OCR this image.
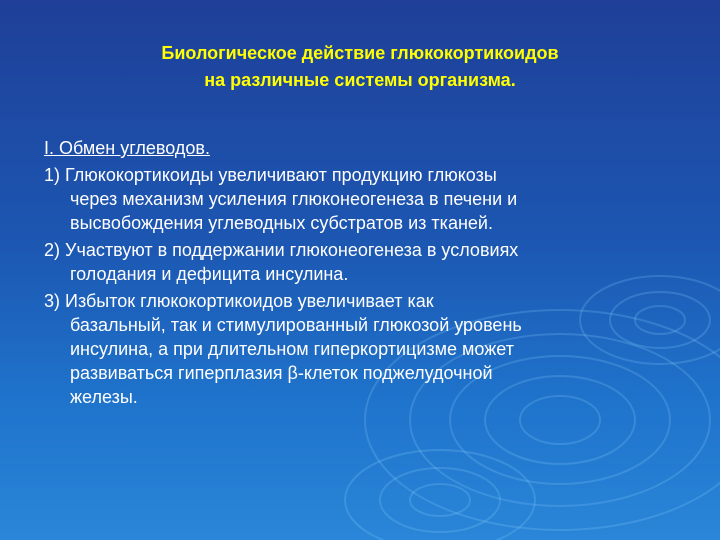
Биологическое действие глюкокортикоидов
на различные системы организма.
I. Обмен углеводов.
1) Глюкокортикоиды увеличивают продукцию глюкозы
через механизм усиления глюконеогенеза в печени и
высвобождения углеводных субстратов из тканей.
2) Участвуют в поддержании глюконеогенеза в условиях
голодания и дефицита инсулина.
3) Избыток глюкокортикоидов увеличивает как
базальный, так и стимулированный глюкозой уровень
инсулина, а при длительном гиперкортицизме может
развиваться гиперплазия β-клеток поджелудочной
железы.
